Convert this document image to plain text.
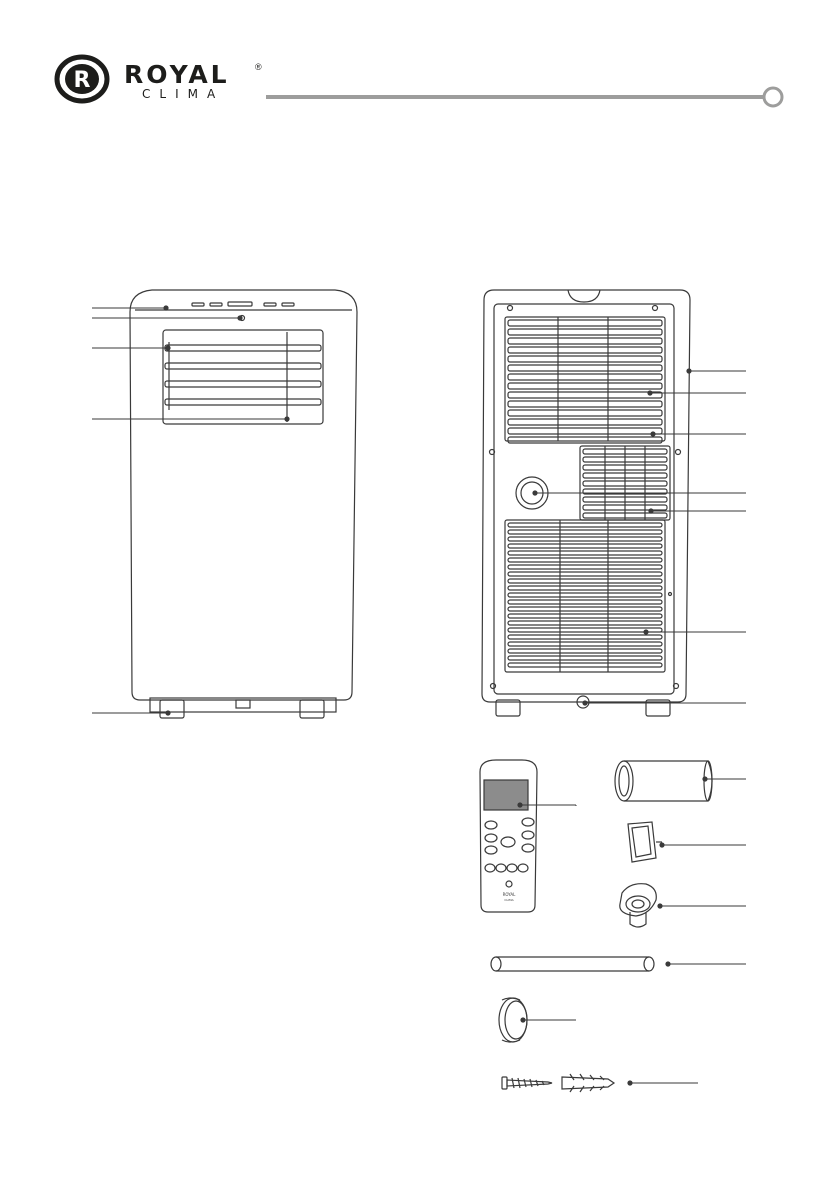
R
ROYAL
CLIMA
ROYAL	®
CLIMA
